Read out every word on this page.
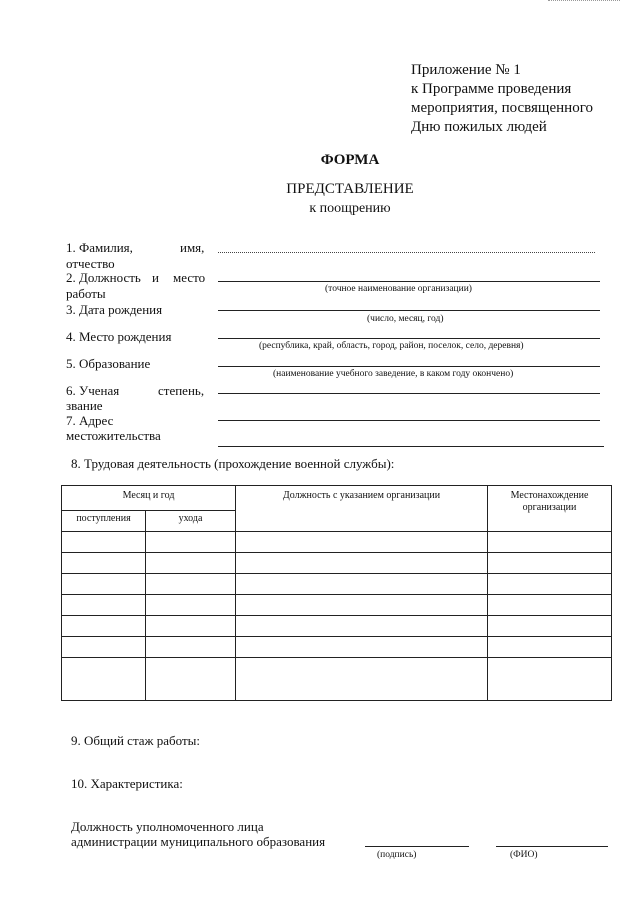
Приложение № 1
к Программе проведения
мероприятия, посвященного
Дню пожилых людей
ФОРМА
ПРЕДСТАВЛЕНИЕ
к поощрению
1. Фамилия,	имя,
отчество
2. Должность и место
работы	(точное наименование организации)
3. Дата рождения
(число, месяц, год)
4. Место рождения
(республика, край, область, город, район, поселок, село, деревня)
5. Образование
(наименование учебного заведение, в каком году окончено)
6. Ученая	степень,
звание
7. Адрес
местожительства
8. Трудовая деятельность (прохождение военной службы):
Месяц и год		Должность с указанием организации	Местонахождение организации
поступления	ухода		

9. Общий стаж работы:
10. Характеристика:
Должность уполномоченного лица
администрации муниципального образования
(подпись)	(ФИО)
